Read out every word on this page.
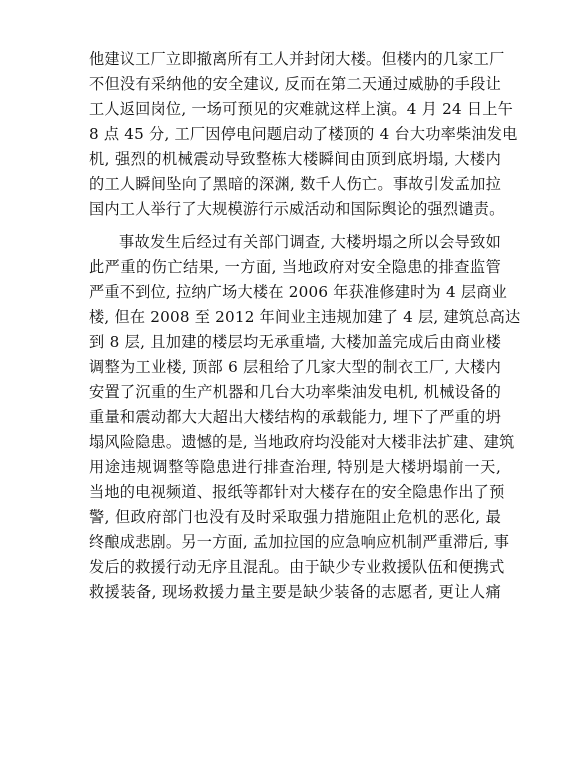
他建议工厂立即撤离所有工人并封闭大楼。但楼内的几家工厂
不但没有采纳他的安全建议, 反而在第二天通过威胁的手段让
工人返回岗位, 一场可预见的灾难就这样上演。4 月 24 日上午
8 点 45 分, 工厂因停电问题启动了楼顶的 4 台大功率柴油发电
机, 强烈的机械震动导致整栋大楼瞬间由顶到底坍塌, 大楼内
的工人瞬间坠向了黑暗的深渊, 数千人伤亡。事故引发孟加拉
国内工人举行了大规模游行示威活动和国际舆论的强烈谴责。
事故发生后经过有关部门调查, 大楼坍塌之所以会导致如
此严重的伤亡结果, 一方面, 当地政府对安全隐患的排查监管
严重不到位, 拉纳广场大楼在 2006 年获准修建时为 4 层商业
楼, 但在 2008 至 2012 年间业主违规加建了 4 层, 建筑总高达
到 8 层, 且加建的楼层均无承重墙, 大楼加盖完成后由商业楼
调整为工业楼, 顶部 6 层租给了几家大型的制衣工厂, 大楼内
安置了沉重的生产机器和几台大功率柴油发电机, 机械设备的
重量和震动都大大超出大楼结构的承载能力, 埋下了严重的坍
塌风险隐患。遗憾的是, 当地政府均没能对大楼非法扩建、建筑
用途违规调整等隐患进行排查治理, 特别是大楼坍塌前一天,
当地的电视频道、报纸等都针对大楼存在的安全隐患作出了预
警, 但政府部门也没有及时采取强力措施阻止危机的恶化, 最
终酿成悲剧。另一方面, 孟加拉国的应急响应机制严重滞后, 事
发后的救援行动无序且混乱。由于缺少专业救援队伍和便携式
救援装备, 现场救援力量主要是缺少装备的志愿者, 更让人痛
